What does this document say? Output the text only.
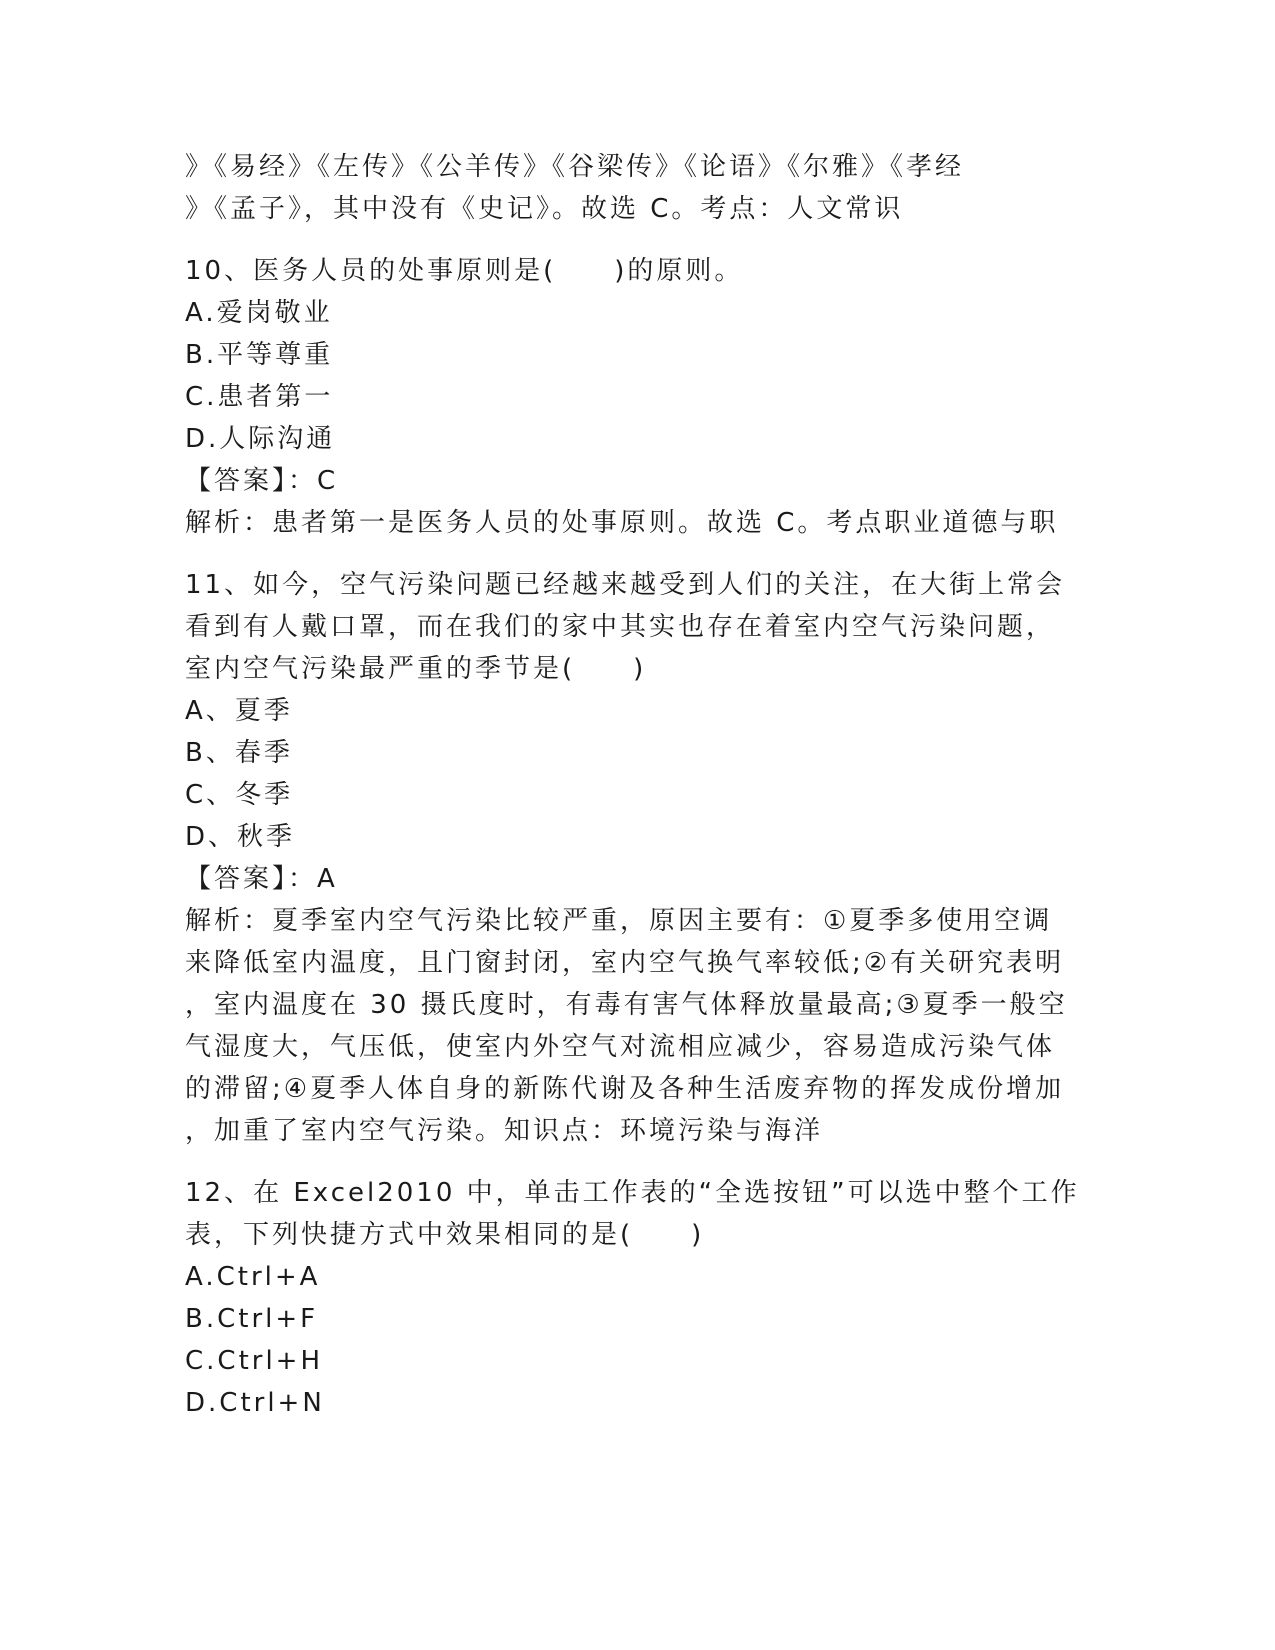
》《易经》《左传》《公羊传》《谷梁传》《论语》《尔雅》《孝经
》《孟子》，其中没有《史记》。故选 C。考点：人文常识
10、医务人员的处事原则是(　　)的原则。
A.爱岗敬业
B.平等尊重
C.患者第一
D.人际沟通
【答案】：C
解析：患者第一是医务人员的处事原则。故选 C。考点职业道德与职
11、如今，空气污染问题已经越来越受到人们的关注，在大街上常会
看到有人戴口罩，而在我们的家中其实也存在着室内空气污染问题，
室内空气污染最严重的季节是(　　)
A、夏季
B、春季
C、冬季
D、秋季
【答案】：A
解析：夏季室内空气污染比较严重，原因主要有：①夏季多使用空调
来降低室内温度，且门窗封闭，室内空气换气率较低;②有关研究表明
，室内温度在 30 摄氏度时，有毒有害气体释放量最高;③夏季一般空
气湿度大，气压低，使室内外空气对流相应减少，容易造成污染气体
的滞留;④夏季人体自身的新陈代谢及各种生活废弃物的挥发成份增加
，加重了室内空气污染。知识点：环境污染与海洋
12、在 Excel2010 中，单击工作表的“全选按钮”可以选中整个工作
表，下列快捷方式中效果相同的是(　　)
A.Ctrl+A
B.Ctrl+F
C.Ctrl+H
D.Ctrl+N
